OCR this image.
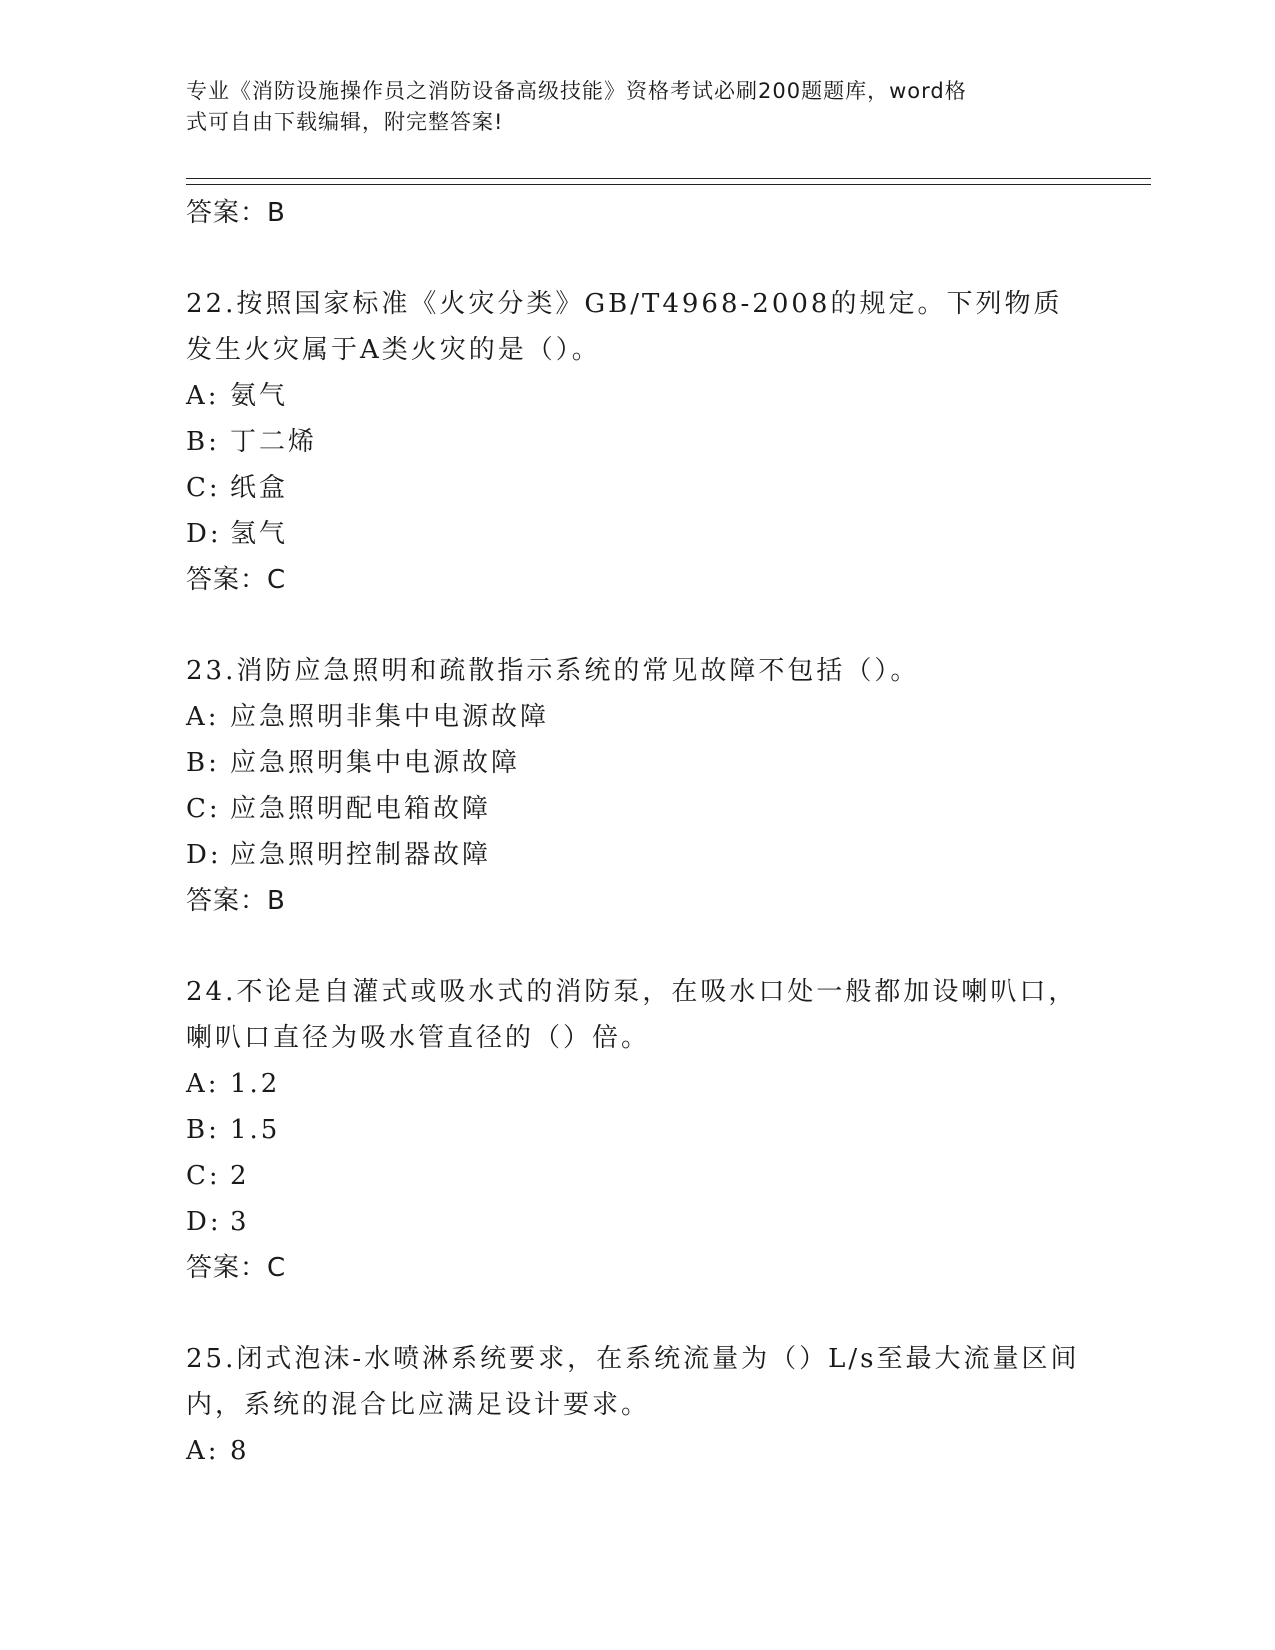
专业《消防设施操作员之消防设备高级技能》资格考试必刷200题题库，word格
式可自由下载编辑，附完整答案!
答案：B
22.按照国家标准《火灾分类》GB/T4968-2008的规定。下列物质发生火灾属于A类火灾的是（）。
A: 氨气
B: 丁二烯
C: 纸盒
D: 氢气
答案：C
23.消防应急照明和疏散指示系统的常见故障不包括（）。
A: 应急照明非集中电源故障
B: 应急照明集中电源故障
C: 应急照明配电箱故障
D: 应急照明控制器故障
答案：B
24.不论是自灌式或吸水式的消防泵，在吸水口处一般都加设喇叭口，喇叭口直径为吸水管直径的（）倍。
A: 1.2
B: 1.5
C: 2
D: 3
答案：C
25.闭式泡沫-水喷淋系统要求，在系统流量为（）L/s至最大流量区间内，系统的混合比应满足设计要求。
A: 8
